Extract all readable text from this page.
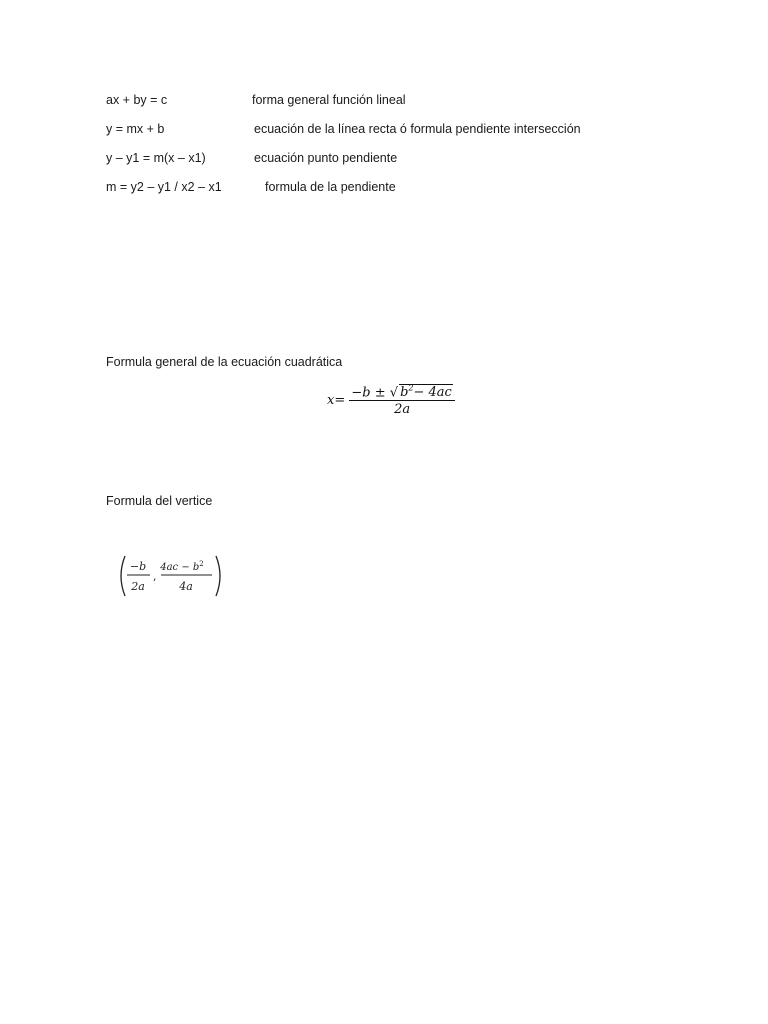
ax + by = c	forma general función lineal
y = mx + b	ecuación de la línea recta ó formula pendiente intersección
y – y1 = m(x – x1)	ecuación punto pendiente
m = y2 – y1 / x2 – x1	formula de la pendiente
Formula general de la ecuación cuadrática
$x= \frac{-b \pm √ b^2- 4ac}{2a}$
Formula del vertice
−b
2a
,
$4ac - b^2$
4a
